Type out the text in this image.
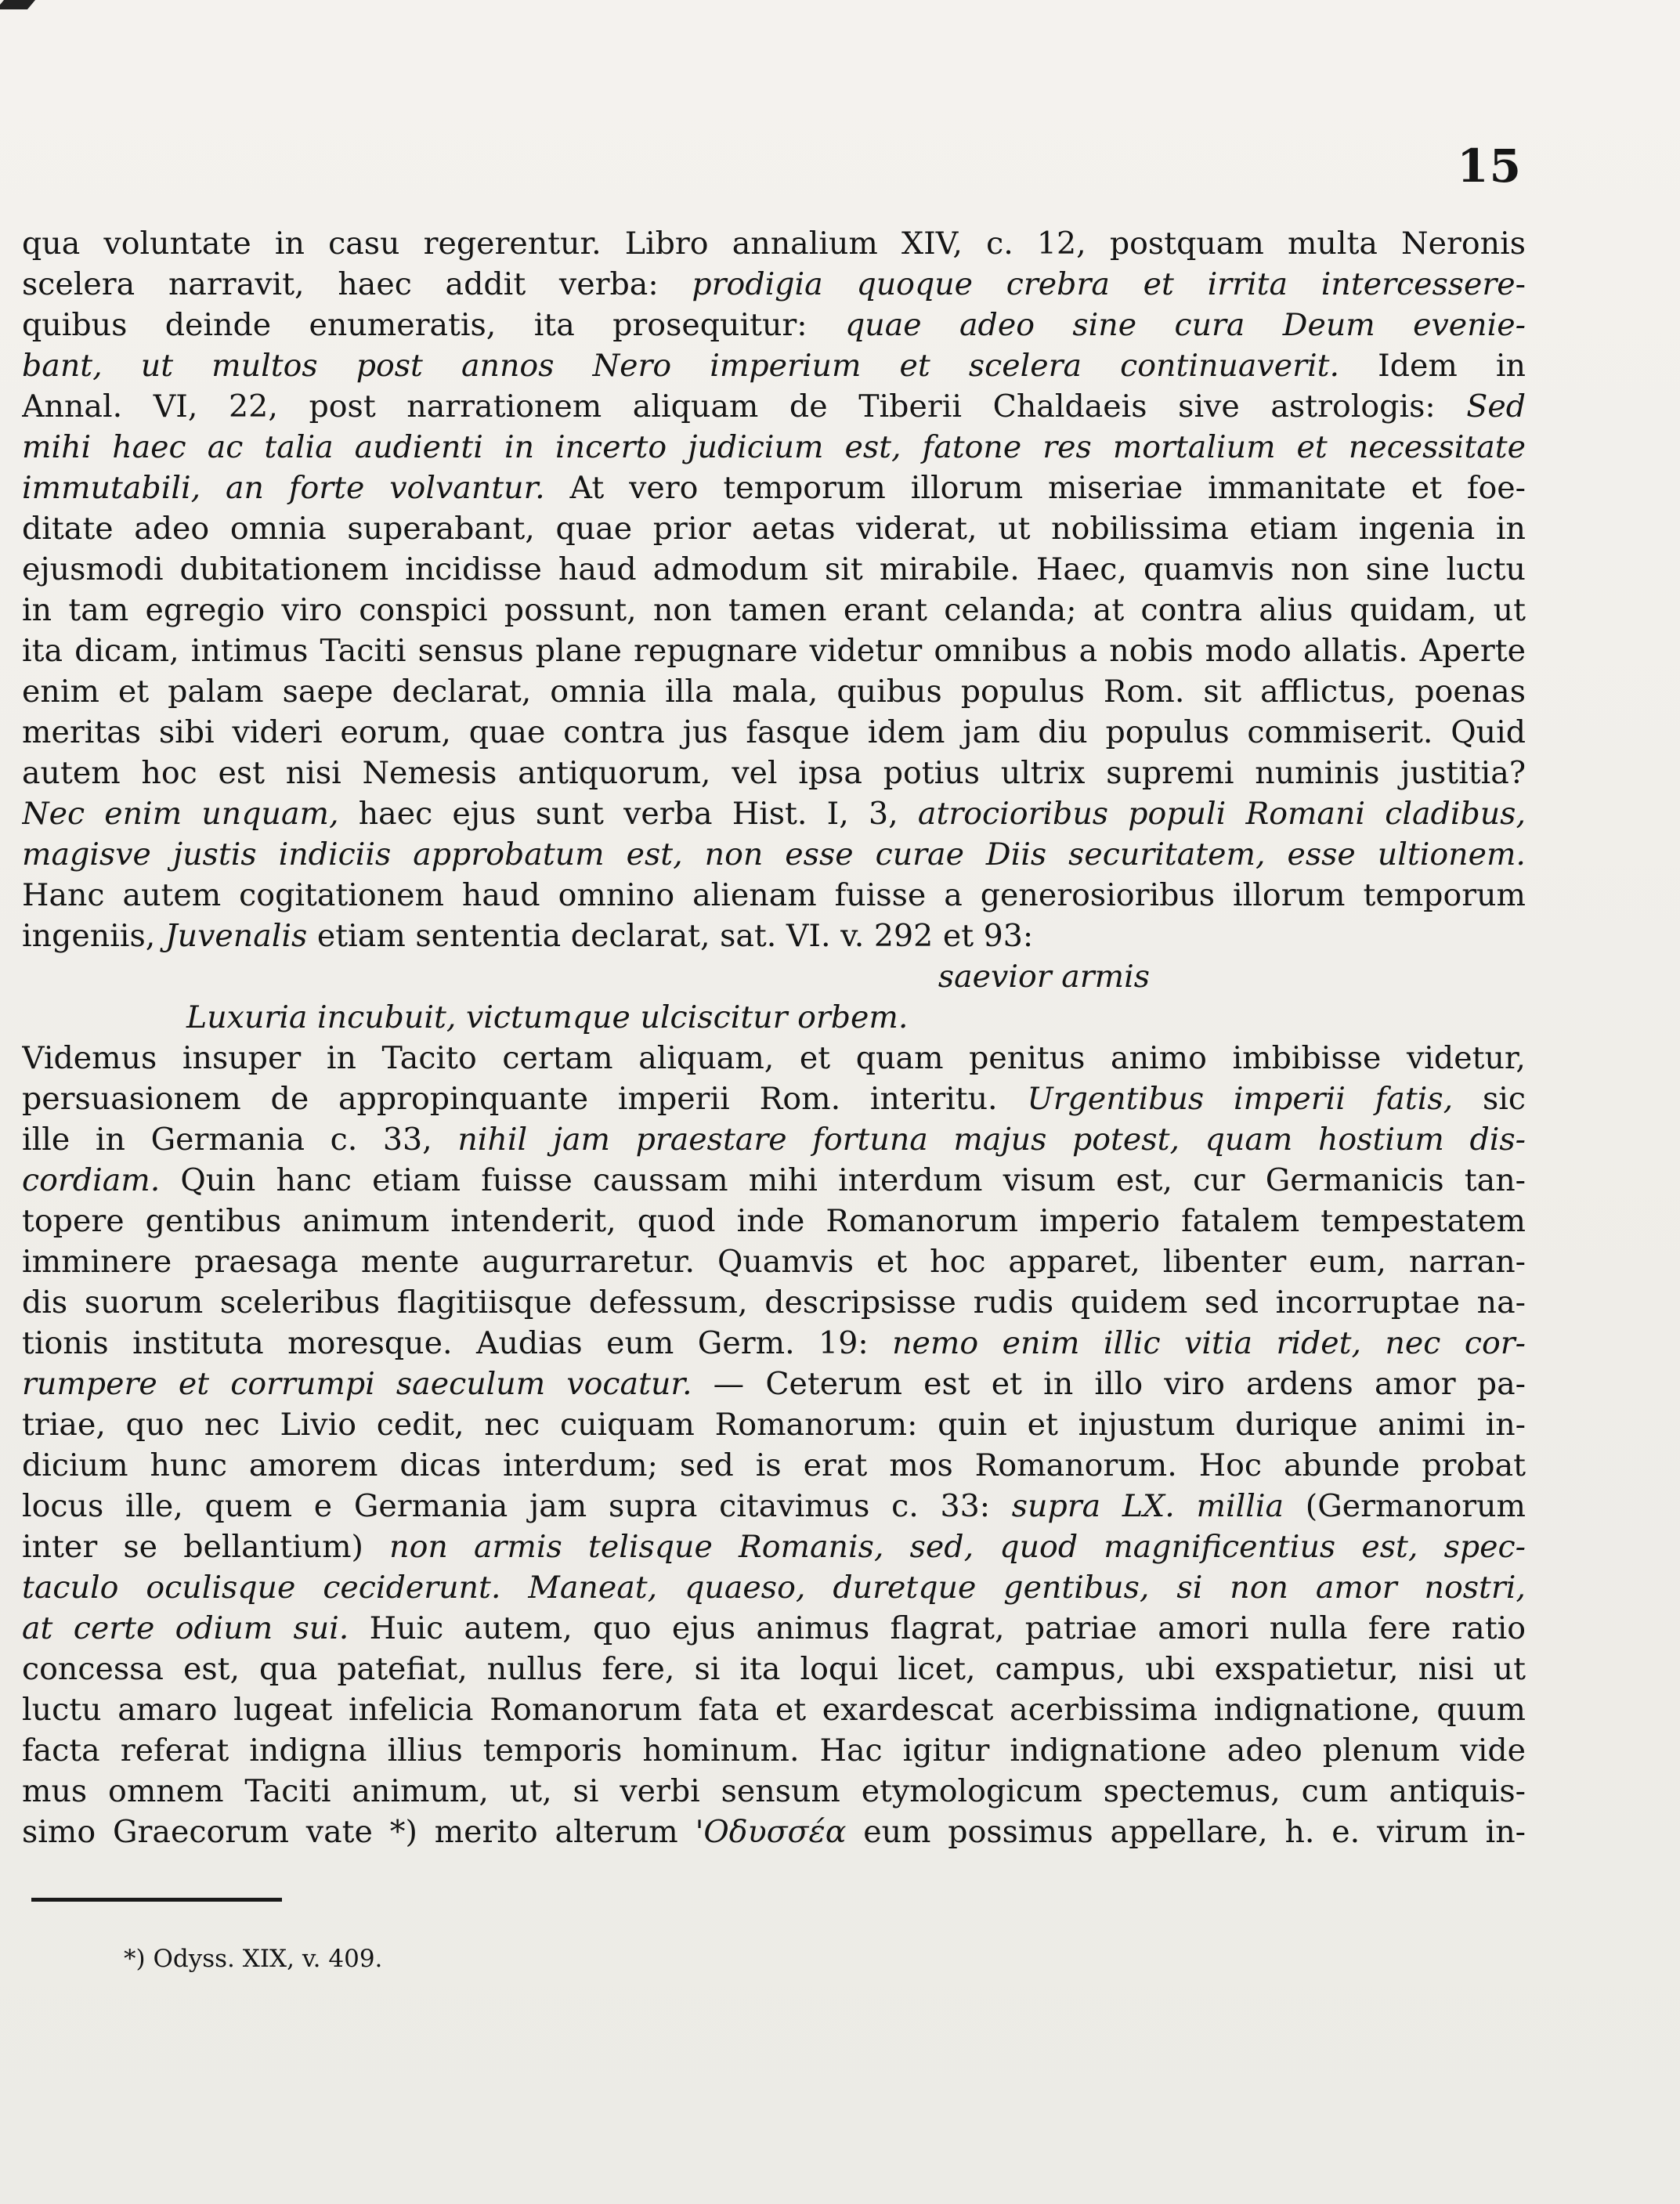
15
qua voluntate in casu regerentur. Libro annalium XIV, c. 12, postquam multa Neronis
scelera narravit, haec addit verba: prodigia quoque crebra et irrita intercessere-
quibus deinde enumeratis, ita prosequitur: quae adeo sine cura Deum evenie-
bant, ut multos post annos Nero imperium et scelera continuaverit. Idem in
Annal. VI, 22, post narrationem aliquam de Tiberii Chaldaeis sive astrologis: Sed
mihi haec ac talia audienti in incerto judicium est, fatone res mortalium et necessitate
immutabili, an forte volvantur. At vero temporum illorum miseriae immanitate et foe-
ditate adeo omnia superabant, quae prior aetas viderat, ut nobilissima etiam ingenia in
ejusmodi dubitationem incidisse haud admodum sit mirabile. Haec, quamvis non sine luctu
in tam egregio viro conspici possunt, non tamen erant celanda; at contra alius quidam, ut
ita dicam, intimus Taciti sensus plane repugnare videtur omnibus a nobis modo allatis. Aperte
enim et palam saepe declarat, omnia illa mala, quibus populus Rom. sit afflictus, poenas
meritas sibi videri eorum, quae contra jus fasque idem jam diu populus commiserit. Quid
autem hoc est nisi Nemesis antiquorum, vel ipsa potius ultrix supremi numinis justitia?
Nec enim unquam, haec ejus sunt verba Hist. I, 3, atrocioribus populi Romani cladibus,
magisve justis indiciis approbatum est, non esse curae Diis securitatem, esse ultionem.
Hanc autem cogitationem haud omnino alienam fuisse a generosioribus illorum temporum
ingeniis, Juvenalis etiam sententia declarat, sat. VI. v. 292 et 93:
saevior armis
Luxuria incubuit, victumque ulciscitur orbem.
Videmus insuper in Tacito certam aliquam, et quam penitus animo imbibisse videtur,
persuasionem de appropinquante imperii Rom. interitu. Urgentibus imperii fatis, sic
ille in Germania c. 33, nihil jam praestare fortuna majus potest, quam hostium dis-
cordiam. Quin hanc etiam fuisse caussam mihi interdum visum est, cur Germanicis tan-
topere gentibus animum intenderit, quod inde Romanorum imperio fatalem tempestatem
imminere praesaga mente augurraretur. Quamvis et hoc apparet, libenter eum, narran-
dis suorum sceleribus flagitiisque defessum, descripsisse rudis quidem sed incorruptae na-
tionis instituta moresque. Audias eum Germ. 19: nemo enim illic vitia ridet, nec cor-
rumpere et corrumpi saeculum vocatur. — Ceterum est et in illo viro ardens amor pa-
triae, quo nec Livio cedit, nec cuiquam Romanorum: quin et injustum durique animi in-
dicium hunc amorem dicas interdum; sed is erat mos Romanorum. Hoc abunde probat
locus ille, quem e Germania jam supra citavimus c. 33: supra LX. millia (Germanorum
inter se bellantium) non armis telisque Romanis, sed, quod magnificentius est, spec-
taculo oculisque ceciderunt. Maneat, quaeso, duretque gentibus, si non amor nostri,
at certe odium sui. Huic autem, quo ejus animus flagrat, patriae amori nulla fere ratio
concessa est, qua patefiat, nullus fere, si ita loqui licet, campus, ubi exspatietur, nisi ut
luctu amaro lugeat infelicia Romanorum fata et exardescat acerbissima indignatione, quum
facta referat indigna illius temporis hominum. Hac igitur indignatione adeo plenum vide
mus omnem Taciti animum, ut, si verbi sensum etymologicum spectemus, cum antiquis-
simo Graecorum vate *) merito alterum 'Οδυσσέα eum possimus appellare, h. e. virum in-
*) Odyss. XIX, v. 409.
